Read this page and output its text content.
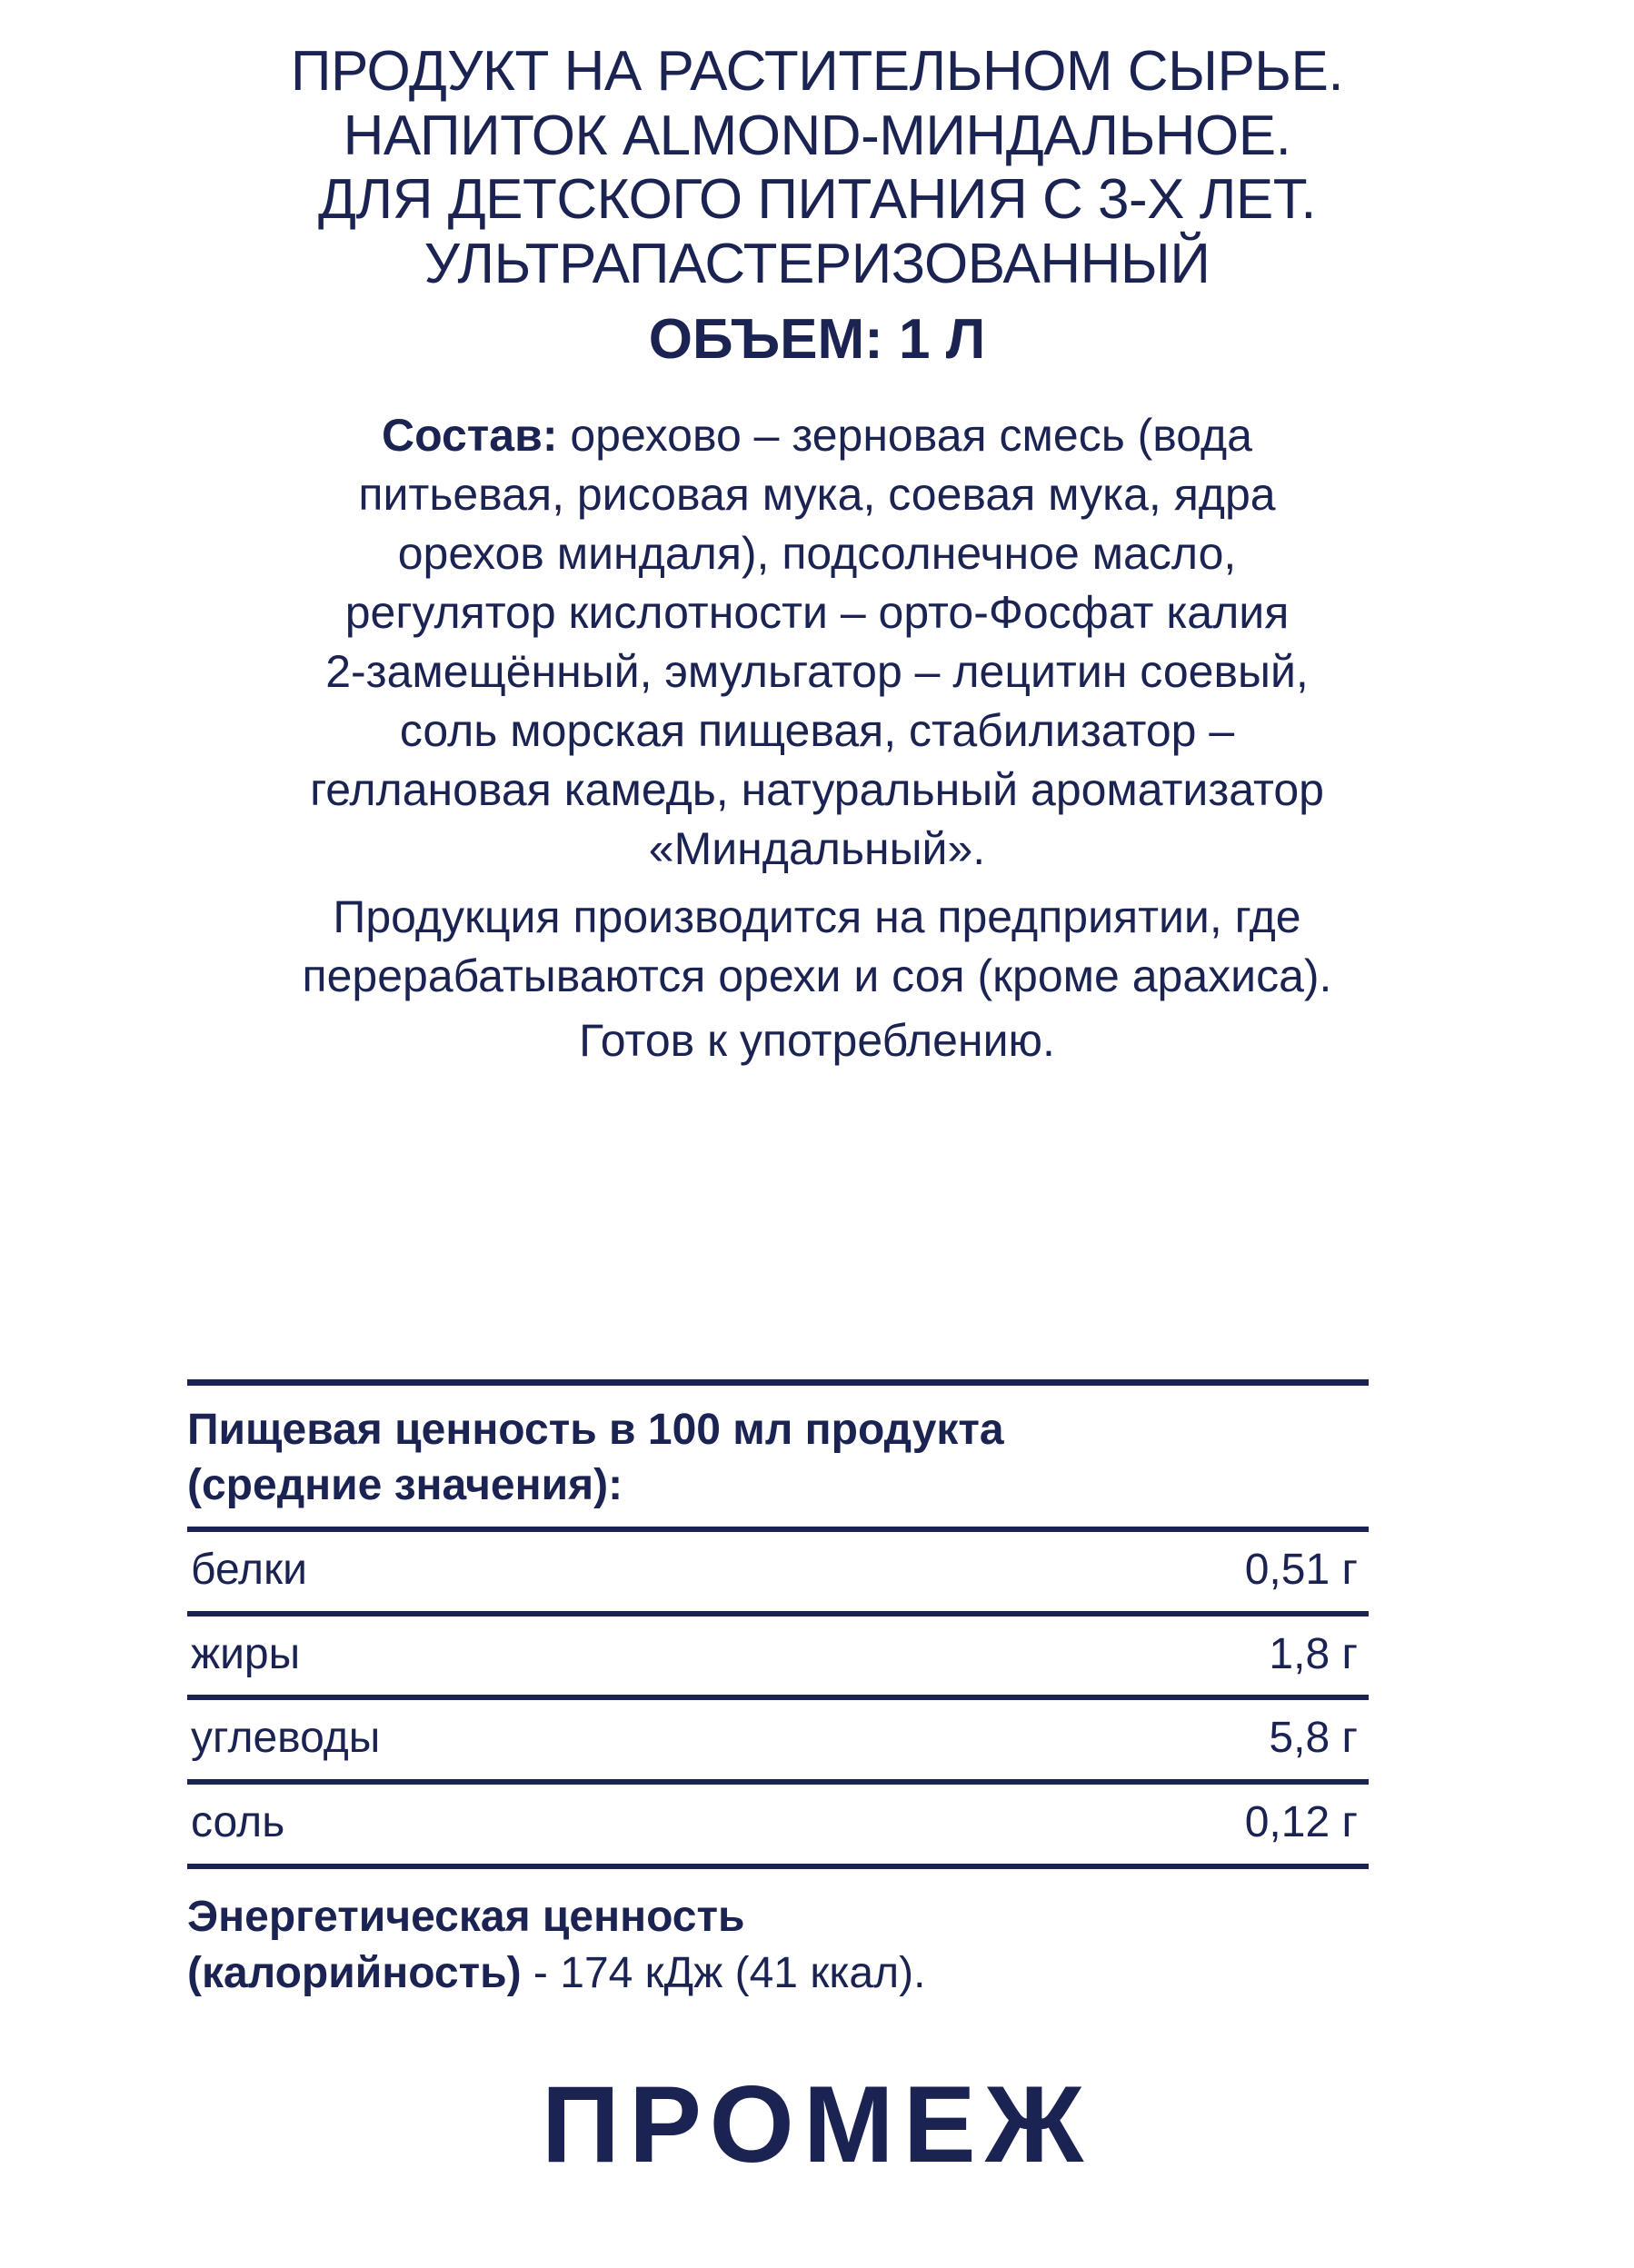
ПРОДУКТ НА РАСТИТЕЛЬНОМ СЫРЬЕ.
НАПИТОК ALMOND-МИНДАЛЬНОЕ.
ДЛЯ ДЕТСКОГО ПИТАНИЯ С 3-Х ЛЕТ.
УЛЬТРАПАСТЕРИЗОВАННЫЙ
ОБЪЕМ: 1 Л
Состав: орехово – зерновая смесь (вода
питьевая, рисовая мука, соевая мука, ядра
орехов миндаля), подсолнечное масло,
регулятор кислотности – орто-Фосфат калия
2-замещённый, эмульгатор – лецитин соевый,
соль морская пищевая, стабилизатор –
геллановая камедь, натуральный ароматизатор
«Миндальный».
Продукция производится на предприятии, где
перерабатываются орехи и соя (кроме арахиса).
Готов к употреблению.
Пищевая ценность в 100 мл продукта
(средние значения):
белки	0,51 г
жиры	1,8 г
углеводы	5,8 г
соль	0,12 г
Энергетическая ценность
(калорийность) - 174 кДж (41 ккал).
ПРОМЕЖ
